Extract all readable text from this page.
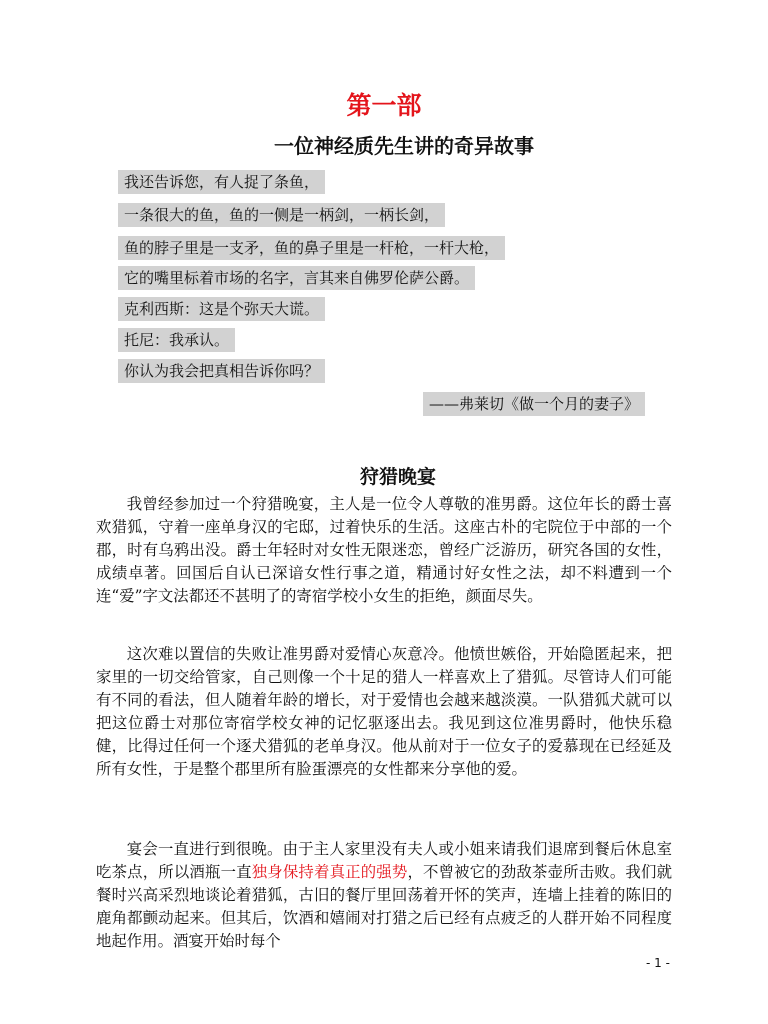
第一部
一位神经质先生讲的奇异故事
我还告诉您，有人捉了条鱼，
一条很大的鱼，鱼的一侧是一柄剑，一柄长剑，
鱼的脖子里是一支矛，鱼的鼻子里是一杆枪，一杆大枪，
它的嘴里标着市场的名字，言其来自佛罗伦萨公爵。
克利西斯：这是个弥天大谎。
托尼：我承认。
你认为我会把真相告诉你吗？
——弗莱切《做一个月的妻子》
狩猎晚宴

我曾经参加过一个狩猎晚宴，主人是一位令人尊敬的准男爵。这位年长的爵士喜欢猎狐，守着一座单身汉的宅邸，过着快乐的生活。这座古朴的宅院位于中部的一个郡，时有乌鸦出没。爵士年轻时对女性无限迷恋，曾经广泛游历，研究各国的女性，成绩卓著。回国后自认已深谙女性行事之道，精通讨好女性之法，却不料遭到一个连“爱”字文法都还不甚明了的寄宿学校小女生的拒绝，颜面尽失。

这次难以置信的失败让准男爵对爱情心灰意冷。他愤世嫉俗，开始隐匿起来，把家里的一切交给管家，自己则像一个十足的猎人一样喜欢上了猎狐。尽管诗人们可能有不同的看法，但人随着年龄的增长，对于爱情也会越来越淡漠。一队猎狐犬就可以把这位爵士对那位寄宿学校女神的记忆驱逐出去。我见到这位准男爵时，他快乐稳健，比得过任何一个逐犬猎狐的老单身汉。他从前对于一位女子的爱慕现在已经延及所有女性，于是整个郡里所有脸蛋漂亮的女性都来分享他的爱。

宴会一直进行到很晚。由于主人家里没有夫人或小姐来请我们退席到餐后休息室吃茶点，所以酒瓶一直独身保持着真正的强势，不曾被它的劲敌茶壶所击败。我们就餐时兴高采烈地谈论着猎狐，古旧的餐厅里回荡着开怀的笑声，连墙上挂着的陈旧的鹿角都颤动起来。但其后，饮酒和嬉闹对打猎之后已经有点疲乏的人群开始不同程度地起作用。酒宴开始时每个

- 1 -
